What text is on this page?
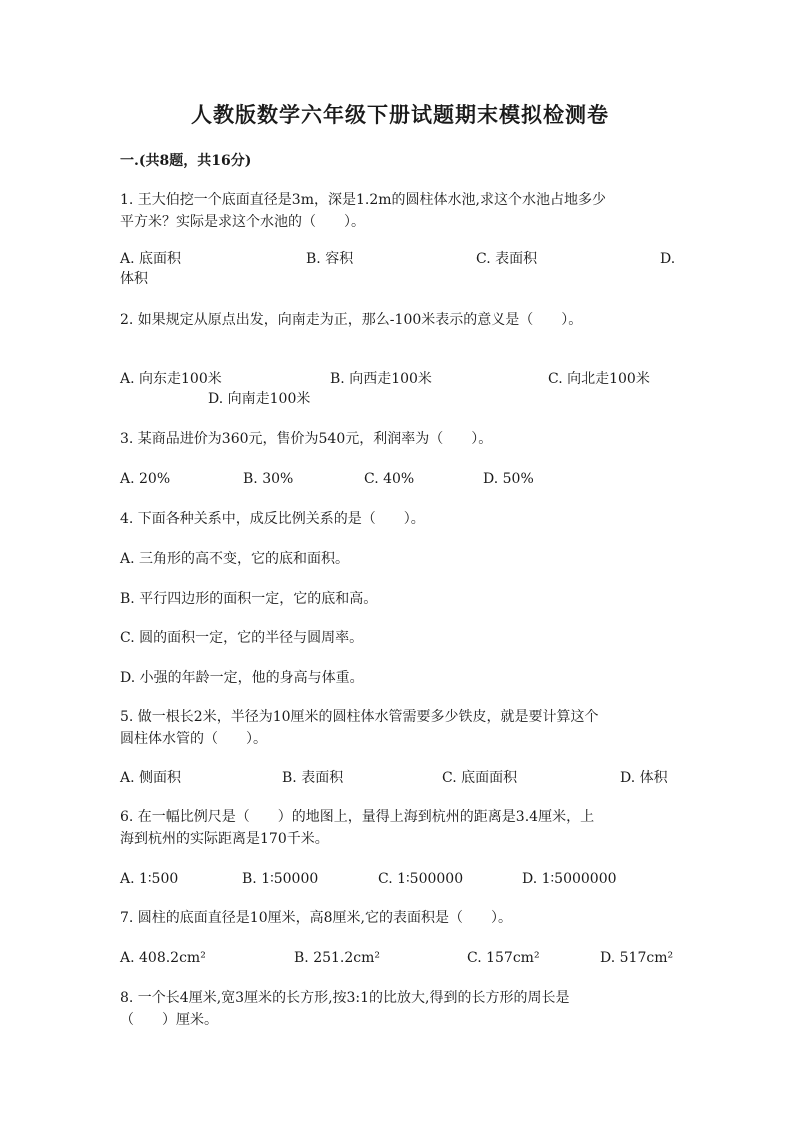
人教版数学六年级下册试题期末模拟检测卷
一.(共8题，共16分)
1. 王大伯挖一个底面直径是3m，深是1.2m的圆柱体水池,求这个水池占地多少
平方米？实际是求这个水池的（　　）。
A. 底面积	B. 容积	C. 表面积	D.
体积
2. 如果规定从原点出发，向南走为正，那么-100米表示的意义是（　　）。
A. 向东走100米	B. 向西走100米	C. 向北走100米
D. 向南走100米
3. 某商品进价为360元，售价为540元，利润率为（　　）。
A. 20%	B. 30%	C. 40%	D. 50%
4. 下面各种关系中，成反比例关系的是（　　）。
A. 三角形的高不变，它的底和面积。
B. 平行四边形的面积一定，它的底和高。
C. 圆的面积一定，它的半径与圆周率。
D. 小强的年龄一定，他的身高与体重。
5. 做一根长2米，半径为10厘米的圆柱体水管需要多少铁皮，就是要计算这个
圆柱体水管的（　　）。
A. 侧面积	B. 表面积	C. 底面面积	D. 体积
6. 在一幅比例尺是（　　）的地图上，量得上海到杭州的距离是3.4厘米，上
海到杭州的实际距离是170千米。
A. 1∶500	B. 1∶50000	C. 1∶500000	D. 1∶5000000
7. 圆柱的底面直径是10厘米，高8厘米,它的表面积是（　　）。
A. 408.2cm²	B. 251.2cm²	C. 157cm²	D. 517cm²
8. 一个长4厘米,宽3厘米的长方形,按3:1的比放大,得到的长方形的周长是
（　　）厘米。
